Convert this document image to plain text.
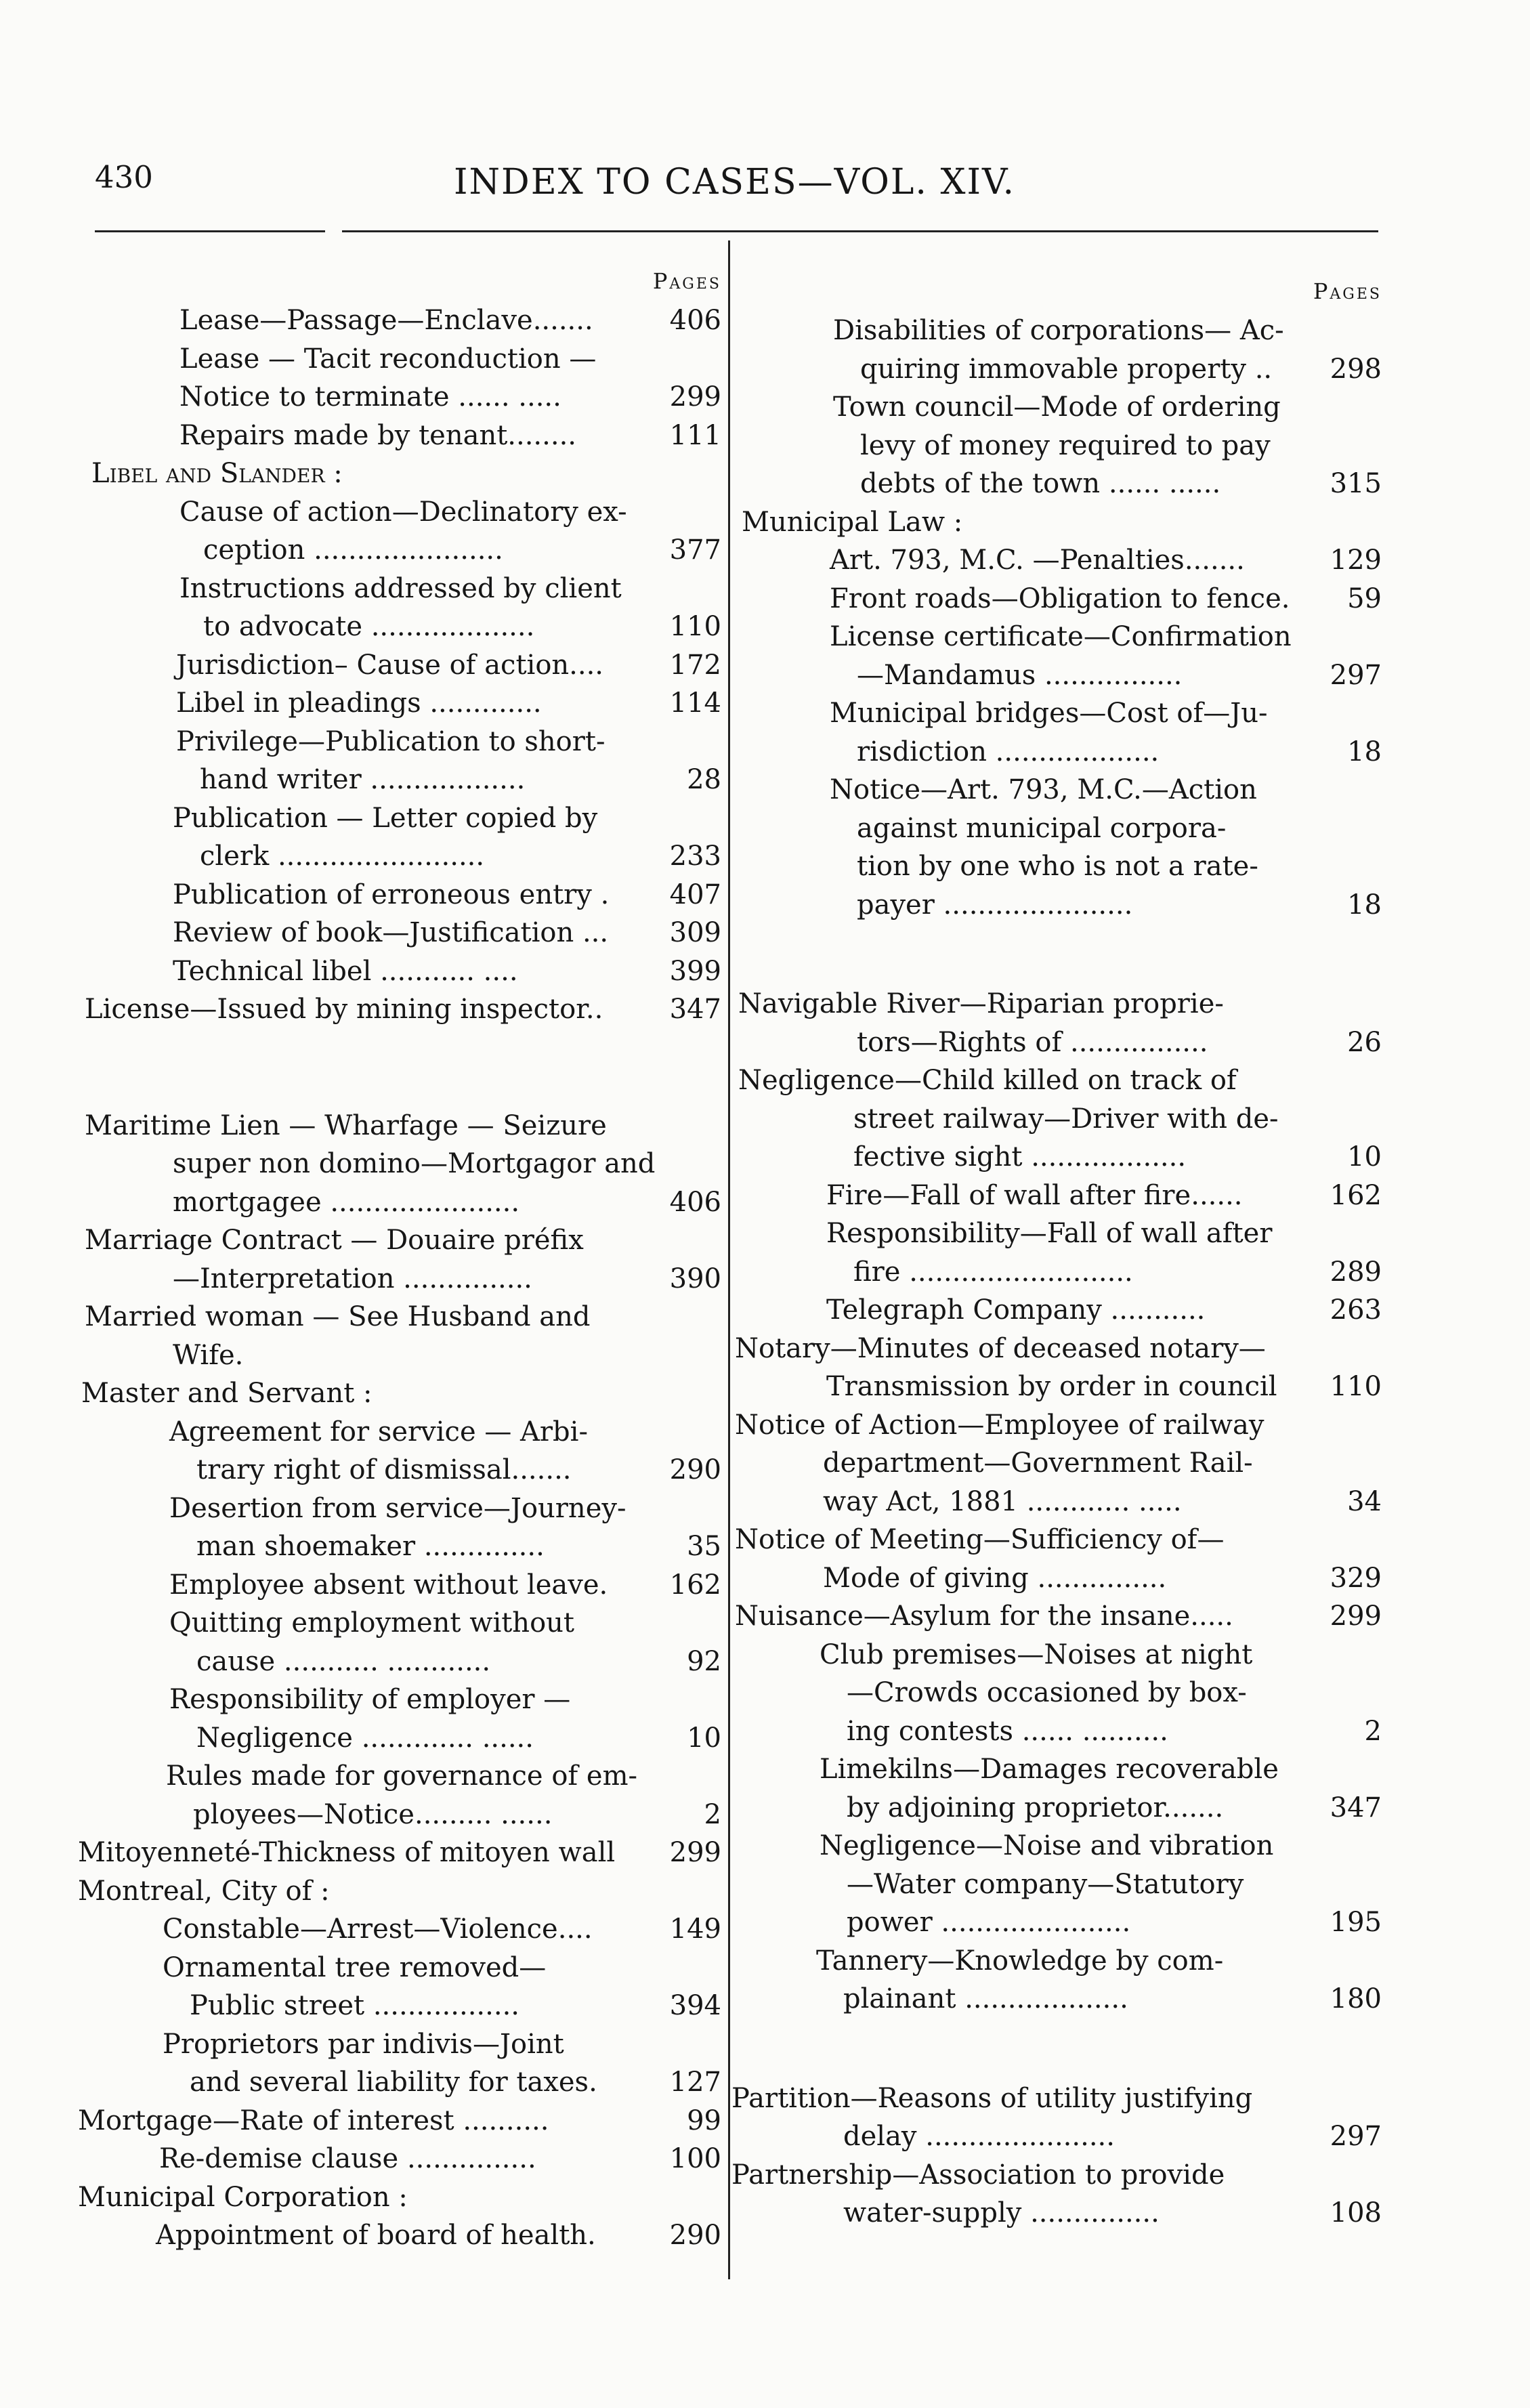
430	INDEX TO CASES—VOL. XIV.
Pages
Lease—Passage—Enclave.......	406
Lease — Tacit reconduction —
Notice to terminate ...... .....	299
Repairs made by tenant........	111
Libel and Slander :
Cause of action—Declinatory ex-
ception ......................	377
Instructions addressed by client
to advocate ...................	110
Jurisdiction– Cause of action....	172
Libel in pleadings .............	114
Privilege—Publication to short-
hand writer ..................	28
Publication — Letter copied by
clerk ........................	233
Publication of erroneous entry .	407
Review of book—Justification ...	309
Technical libel ........... ....	399
License—Issued by mining inspector..	347
Maritime Lien — Wharfage — Seizure
super non domino—Mortgagor and
mortgagee ......................	406
Marriage Contract — Douaire préfix
—Interpretation ...............	390
Married woman — See Husband and
Wife.
Master and Servant :
Agreement for service — Arbi-
trary right of dismissal.......	290
Desertion from service—Journey-
man shoemaker ..............	35
Employee absent without leave.	162
Quitting employment without
cause ........... ............	92
Responsibility of employer —
Negligence ............. ......	10
Rules made for governance of em-
ployees—Notice......... ......	2
Mitoyenneté-Thickness of mitoyen wall	299
Montreal, City of :
Constable—Arrest—Violence....	149
Ornamental tree removed—
Public street .................	394
Proprietors par indivis—Joint
and several liability for taxes.	127
Mortgage—Rate of interest ..........	99
Re-demise clause ...............	100
Municipal Corporation :
Appointment of board of health.	290
Pages
Disabilities of corporations— Ac-
quiring immovable property ..	298
Town council—Mode of ordering
levy of money required to pay
debts of the town ...... ......	315
Municipal Law :
Art. 793, M.C. —Penalties.......	129
Front roads—Obligation to fence.	59
License certificate—Confirmation
—Mandamus ................	297
Municipal bridges—Cost of—Ju-
risdiction ...................	18
Notice—Art. 793, M.C.—Action
against municipal corpora-
tion by one who is not a rate-
payer ......................	18
Navigable River—Riparian proprie-
tors—Rights of ................	26
Negligence—Child killed on track of
street railway—Driver with de-
fective sight ..................	10
Fire—Fall of wall after fire......	162
Responsibility—Fall of wall after
fire ..........................	289
Telegraph Company ...........	263
Notary—Minutes of deceased notary—
Transmission by order in council	110
Notice of Action—Employee of railway
department—Government Rail-
way Act, 1881 ............ .....	34
Notice of Meeting—Sufficiency of—
Mode of giving ...............	329
Nuisance—Asylum for the insane.....	299
Club premises—Noises at night
—Crowds occasioned by box-
ing contests ...... ..........	2
Limekilns—Damages recoverable
by adjoining proprietor.......	347
Negligence—Noise and vibration
—Water company—Statutory
power ......................	195
Tannery—Knowledge by com-
plainant ...................	180
Partition—Reasons of utility justifying
delay ......................	297
Partnership—Association to provide
water-supply ...............	108
